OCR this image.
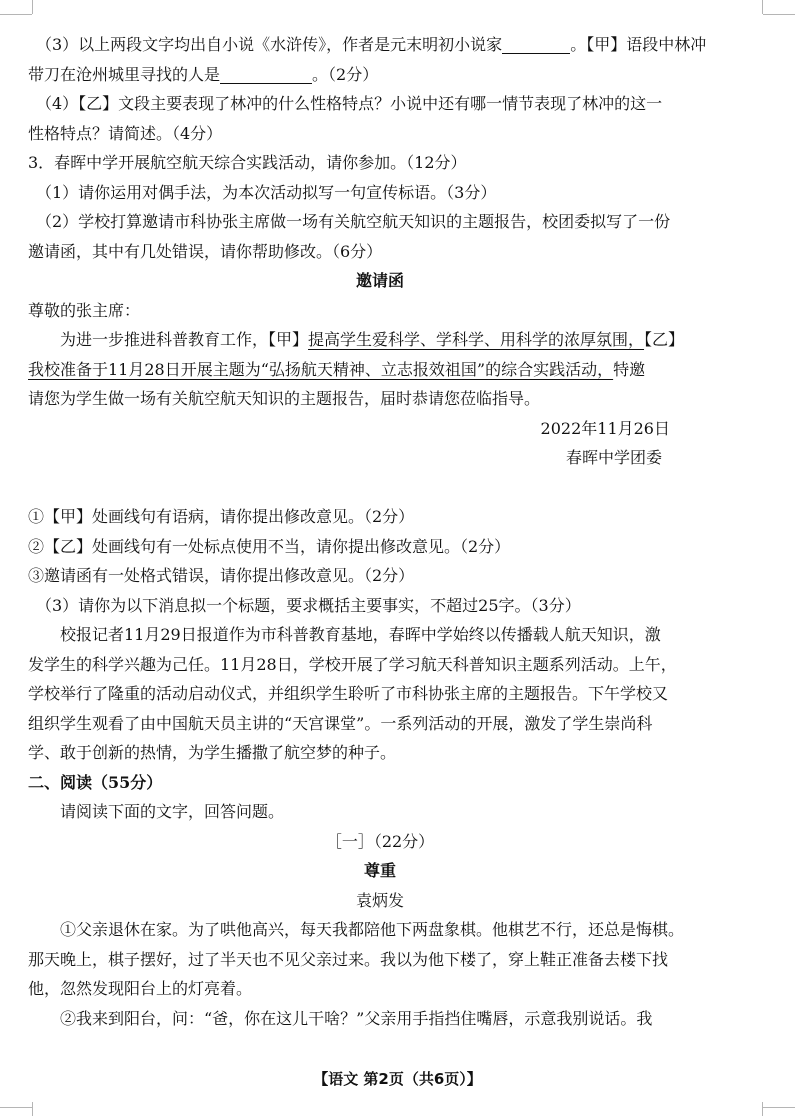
（3）以上两段文字均出自小说《水浒传》，作者是元末明初小说家	。【甲】语段中林冲
带刀在沧州城里寻找的人是	。（2分）
（4）【乙】文段主要表现了林冲的什么性格特点？小说中还有哪一情节表现了林冲的这一
性格特点？请简述。（4分）
3．春晖中学开展航空航天综合实践活动，请你参加。（12分）
（1）请你运用对偶手法，为本次活动拟写一句宣传标语。（3分）
（2）学校打算邀请市科协张主席做一场有关航空航天知识的主题报告，校团委拟写了一份
邀请函，其中有几处错误，请你帮助修改。（6分）
邀请函
尊敬的张主席：
为进一步推进科普教育工作，【甲】提高学生爱科学、学科学、用科学的浓厚氛围，【乙】
我校准备于11月28日开展主题为“弘扬航天精神、立志报效祖国”的综合实践活动，特邀
请您为学生做一场有关航空航天知识的主题报告，届时恭请您莅临指导。
2022年11月26日
春晖中学团委
①【甲】处画线句有语病，请你提出修改意见。（2分）
②【乙】处画线句有一处标点使用不当，请你提出修改意见。（2分）
③邀请函有一处格式错误，请你提出修改意见。（2分）
（3）请你为以下消息拟一个标题，要求概括主要事实，不超过25字。（3分）
校报记者11月29日报道作为市科普教育基地，春晖中学始终以传播载人航天知识，激
发学生的科学兴趣为己任。11月28日，学校开展了学习航天科普知识主题系列活动。上午，
学校举行了隆重的活动启动仪式，并组织学生聆听了市科协张主席的主题报告。下午学校又
组织学生观看了由中国航天员主讲的“天宫课堂”。一系列活动的开展，激发了学生崇尚科
学、敢于创新的热情，为学生播撒了航空梦的种子。
二、阅读（55分）
请阅读下面的文字，回答问题。
［一］（22分）
尊重
袁炳发
①父亲退休在家。为了哄他高兴，每天我都陪他下两盘象棋。他棋艺不行，还总是悔棋。
那天晚上，棋子摆好，过了半天也不见父亲过来。我以为他下楼了，穿上鞋正准备去楼下找
他，忽然发现阳台上的灯亮着。
②我来到阳台，问：“爸，你在这儿干啥？”父亲用手指挡住嘴唇，示意我别说话。我
【语文 第2页（共6页）】
